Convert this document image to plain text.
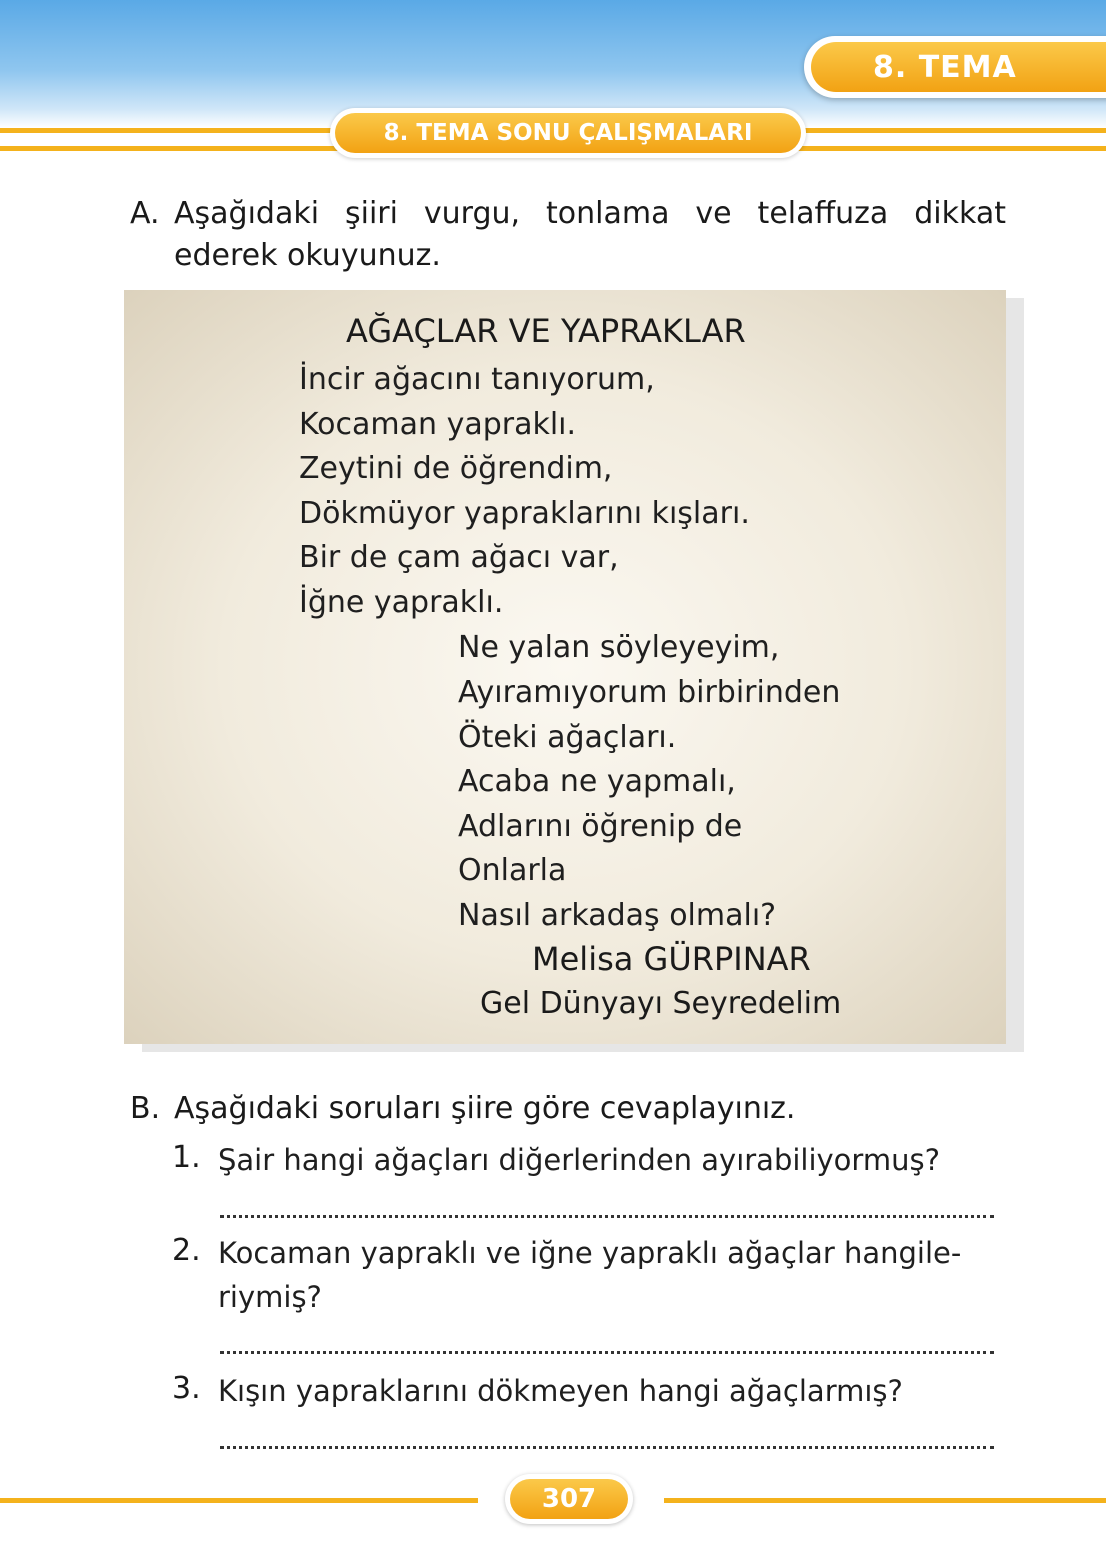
8. TEMA
8. TEMA SONU ÇALIŞMALARI
A. Aşağıdaki şiiri vurgu, tonlama ve telaffuza dikkat ederek okuyunuz.
AĞAÇLAR VE YAPRAKLAR
İncir ağacını tanıyorum,
Kocaman yapraklı.
Zeytini de öğrendim,
Dökmüyor yapraklarını kışları.
Bir de çam ağacı var,
İğne yapraklı.
Ne yalan söyleyeyim,
Ayıramıyorum birbirinden
Öteki ağaçları.
Acaba ne yapmalı,
Adlarını öğrenip de
Onlarla
Nasıl arkadaş olmalı?
Melisa GÜRPINAR
Gel Dünyayı Seyredelim
B. Aşağıdaki soruları şiire göre cevaplayınız.
1. Şair hangi ağaçları diğerlerinden ayırabiliyormuş?
2. Kocaman yapraklı ve iğne yapraklı ağaçlar hangile-
riymiş?
3. Kışın yapraklarını dökmeyen hangi ağaçlarmış?
307
